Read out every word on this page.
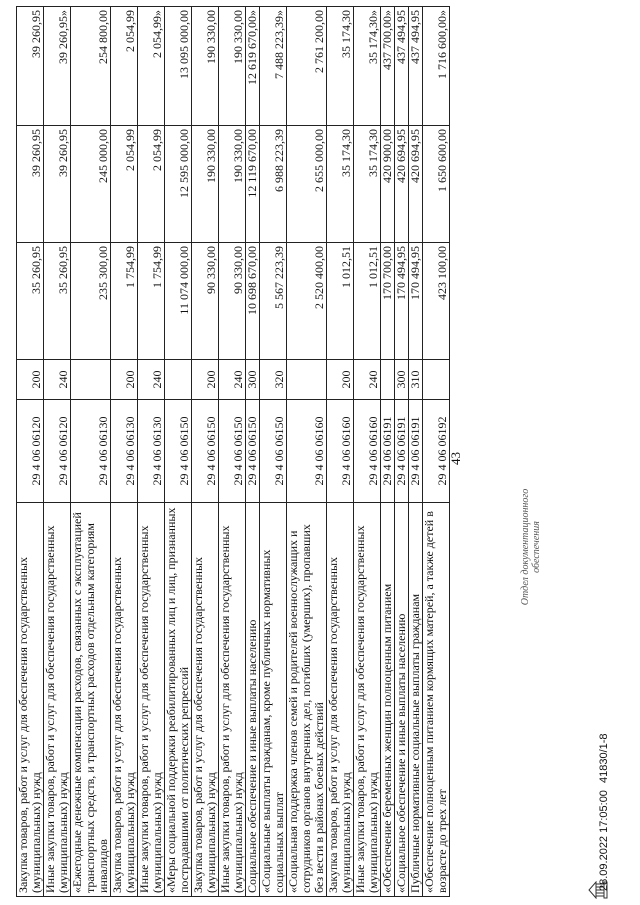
43
Закупка товаров, работ и услуг для обеспечения государственных (муниципальных) нужд	29 4 06 06120	200	35 260,95	39 260,95	39 260,95
Иные закупки товаров, работ и услуг для обеспечения государственных (муниципальных) нужд	29 4 06 06120	240	35 260,95	39 260,95	39 260,95»
«Ежегодные денежные компенсации расходов, связанных с эксплуатацией транспортных средств, и транспортных расходов отдельным категориям инвалидов	29 4 06 06130		235 300,00	245 000,00	254 800,00
Закупка товаров, работ и услуг для обеспечения государственных (муниципальных) нужд	29 4 06 06130	200	1 754,99	2 054,99	2 054,99
Иные закупки товаров, работ и услуг для обеспечения государственных (муниципальных) нужд	29 4 06 06130	240	1 754,99	2 054,99	2 054,99»
«Меры социальной поддержки реабилитированных лиц и лиц, признанных пострадавшими от политических репрессий	29 4 06 06150		11 074 000,00	12 595 000,00	13 095 000,00
Закупка товаров, работ и услуг для обеспечения государственных (муниципальных) нужд	29 4 06 06150	200	90 330,00	190 330,00	190 330,00
Иные закупки товаров, работ и услуг для обеспечения государственных (муниципальных) нужд	29 4 06 06150	240	90 330,00	190 330,00	190 330,00
Социальное обеспечение и иные выплаты населению	29 4 06 06150	300	10 698 670,00	12 119 670,00	12 619 670,00»
«Социальные выплаты гражданам, кроме публичных нормативных социальных выплат	29 4 06 06150	320	5 567 223,39	6 988 223,39	7 488 223,39»
«Социальная поддержка членов семей и родителей военнослужащих и сотрудников органов внутренних дел, погибших (умерших), пропавших без вести в районах боевых действий	29 4 06 06160		2 520 400,00	2 655 000,00	2 761 200,00
Закупка товаров, работ и услуг для обеспечения государственных (муниципальных) нужд	29 4 06 06160	200	1 012,51	35 174,30	35 174,30
Иные закупки товаров, работ и услуг для обеспечения государственных (муниципальных) нужд	29 4 06 06160	240	1 012,51	35 174,30	35 174,30»
«Обеспечение беременных женщин полноценным питанием	29 4 06 06191		170 700,00	420 900,00	437 700,00»
«Социальное обеспечение и иные выплаты населению	29 4 06 06191	300	170 494,95	420 694,95	437 494,95
Публичные нормативные социальные выплаты гражданам	29 4 06 06191	310	170 494,95	420 694,95	437 494,95
«Обеспечение полноценным питанием кормящих матерей, а также детей в возрасте до трех лет	29 4 06 06192		423 100,00	1 650 600,00	1 716 600,00»
28.09.2022 17:05:00
41830/1-8
Отдел документационного обеспечения
